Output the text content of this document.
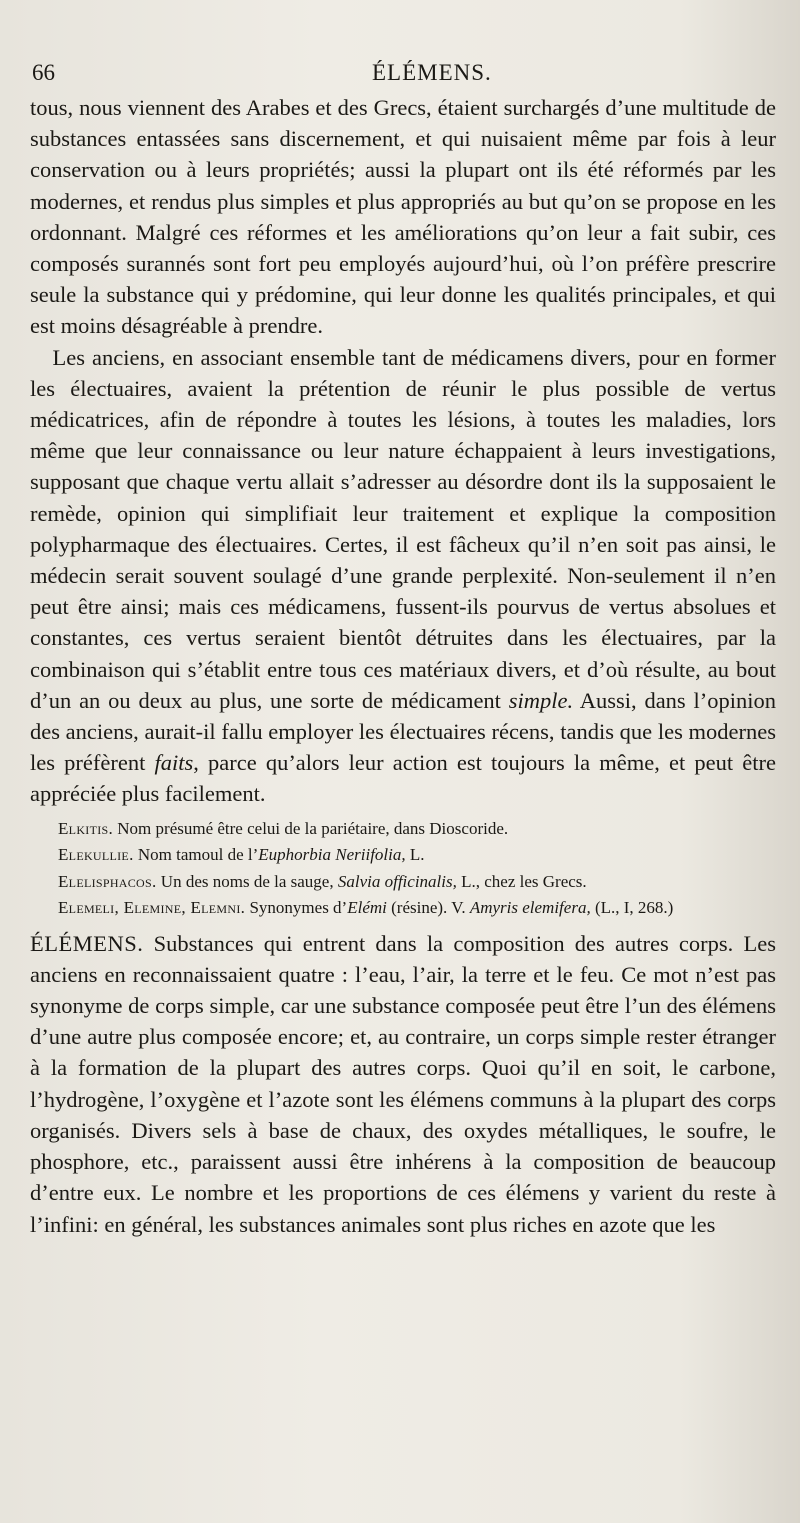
66	ÉLÉMENS.

tous, nous viennent des Arabes et des Grecs, étaient surchargés d’une multitude de substances entassées sans discernement, et qui nuisaient même par fois à leur conservation ou à leurs propriétés; aussi la plupart ont ils été réformés par les modernes, et rendus plus simples et plus appropriés au but qu’on se propose en les ordonnant. Malgré ces réformes et les améliorations qu’on leur a fait subir, ces composés surannés sont fort peu employés aujourd’hui, où l’on préfère prescrire seule la substance qui y prédomine, qui leur donne les qualités principales, et qui est moins désagréable à prendre.

Les anciens, en associant ensemble tant de médicamens divers, pour en former les électuaires, avaient la prétention de réunir le plus possible de vertus médicatrices, afin de répondre à toutes les lésions, à toutes les maladies, lors même que leur connaissance ou leur nature échappaient à leurs investigations, supposant que chaque vertu allait s’adresser au désordre dont ils la supposaient le remède, opinion qui simplifiait leur traitement et explique la composition polypharmaque des électuaires. Certes, il est fâcheux qu’il n’en soit pas ainsi, le médecin serait souvent soulagé d’une grande perplexité. Non-seulement il n’en peut être ainsi; mais ces médicamens, fussent-ils pourvus de vertus absolues et constantes, ces vertus seraient bientôt détruites dans les électuaires, par la combinaison qui s’établit entre tous ces matériaux divers, et d’où résulte, au bout d’un an ou deux au plus, une sorte de médicament simple. Aussi, dans l’opinion des anciens, aurait-il fallu employer les électuaires récens, tandis que les modernes les préfèrent faits, parce qu’alors leur action est toujours la même, et peut être appréciée plus facilement.

Elkitis. Nom présumé être celui de la pariétaire, dans Dioscoride.

Elekullie. Nom tamoul de l’Euphorbia Neriifolia, L.

Elelisphacos. Un des noms de la sauge, Salvia officinalis, L., chez les Grecs.

Elemeli, Elemine, Elemni. Synonymes d’Elémi (résine). V. Amyris elemifera, (L., I, 268.)

ÉLÉMENS. Substances qui entrent dans la composition des autres corps. Les anciens en reconnaissaient quatre : l’eau, l’air, la terre et le feu. Ce mot n’est pas synonyme de corps simple, car une substance composée peut être l’un des élémens d’une autre plus composée encore; et, au contraire, un corps simple rester étranger à la formation de la plupart des autres corps. Quoi qu’il en soit, le carbone, l’hydrogène, l’oxygène et l’azote sont les élémens communs à la plupart des corps organisés. Divers sels à base de chaux, des oxydes métalliques, le soufre, le phosphore, etc., paraissent aussi être inhérens à la composition de beaucoup d’entre eux. Le nombre et les proportions de ces élémens y varient du reste à l’infini: en général, les substances animales sont plus riches en azote que les
